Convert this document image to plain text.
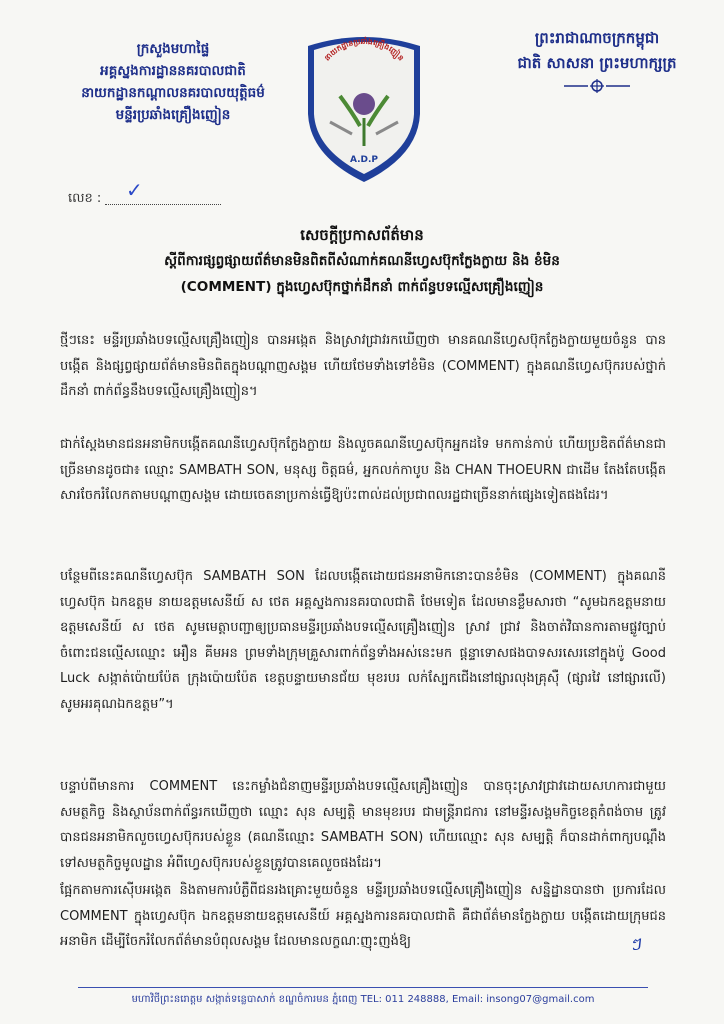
ក្រសួងមហាផ្ទៃ
អគ្គស្នងការដ្ឋាននគរបាលជាតិ
នាយកដ្ឋានកណ្តាលនគរបាលយុត្តិធម៌
មន្ទីរប្រឆាំងគ្រឿងញៀន
នាយកដ្ឋានប្រឆាំងគ្រឿងញៀន
A.D.P
ព្រះរាជាណាចក្រកម្ពុជា
ជាតិ សាសនា ព្រះមហាក្សត្រ
លេខ :	✓
សេចក្តីប្រកាសព័ត៌មាន
ស្តីពីការផ្សព្វផ្សាយព័ត៌មានមិនពិតពីសំណាក់គណនីហ្វេសប៊ុកក្លែងក្លាយ និង ខំមិន
(COMMENT) ក្នុងហ្វេសប៊ុកថ្នាក់ដឹកនាំ ពាក់ព័ន្ធបទល្មើសគ្រឿងញៀន

ថ្មីៗនេះ មន្ទីរប្រឆាំងបទល្មើសគ្រឿងញៀន បានអង្កេត និងស្រាវជ្រាវរកឃើញថា មានគណនីហ្វេសប៊ុកក្លែងក្លាយមួយចំនួន បានបង្កើត និងផ្សព្វផ្សាយព័ត៌មានមិនពិតក្នុងបណ្តាញសង្គម ហើយថែមទាំងទៅខំមិន (COMMENT) ក្នុងគណនីហ្វេសប៊ុករបស់ថ្នាក់ដឹកនាំ ពាក់ព័ន្ធនឹងបទល្មើសគ្រឿងញៀន។

ជាក់ស្តែងមានជនអនាមិកបង្កើតគណនីហ្វេសប៊ុកក្លែងក្លាយ និងលួចគណនីហ្វេសប៊ុកអ្នកដទៃ មកកាន់កាប់ ហើយប្រឌិតព័ត៌មានជាច្រើនមានដូចជា៖ ឈ្មោះ SAMBATH SON, មនុស្ស ចិត្តធម៌, អ្នកលក់កាបូប និង CHAN THOEURN ជាដើម តែងតែបង្កើតសារចែករំលែកតាមបណ្តាញសង្គម ដោយចេតនាប្រកាន់ធ្វើឱ្យប៉ះពាល់ដល់ប្រជាពលរដ្ឋជាច្រើននាក់ផ្សេងទៀតផងដែរ។

បន្ថែមពីនេះគណនីហ្វេសប៊ុក SAMBATH SON ដែលបង្កើតដោយជនអនាមិកនោះបានខំមិន (COMMENT) ក្នុងគណនីហ្វេសប៊ុក ឯកឧត្តម នាយឧត្តមសេនីយ៍ ស ថេត អគ្គស្នងការនគរបាលជាតិ ថែមទៀត ដែលមានខ្លឹមសារថា “សូមឯកឧត្តមនាយឧត្តមសេនីយ៍ ស ថេត សូមមេត្តាបញ្ជាឲ្យប្រធានមន្ទីរប្រឆាំងបទល្មើសគ្រឿងញៀន ស្រាវ ជ្រាវ និងចាត់វិធានការតាមផ្លូវច្បាប់ចំពោះជនល្មើសឈ្មោះ អឿន គីមអន ព្រមទាំងក្រុមគ្រួសារពាក់ព័ន្ធទាំងអស់នេះមក ផ្តន្ទាទោសផងបាទសរសេរនៅក្នុងប៉ូ Good Luck សង្កាត់ប៉ោយប៉ែត ក្រុងប៉ោយប៉ែត ខេត្តបន្ទាយមានជ័យ មុខរបរ លក់ស្បែកជើងនៅផ្សារលុងគ្រុស៊ឺ (ផ្សារវៃ នៅផ្សារលើ) សូមអរគុណឯកឧត្តម”។

បន្ទាប់ពីមានការ COMMENT នេះកម្លាំងជំនាញមន្ទីរប្រឆាំងបទល្មើសគ្រឿងញៀន បានចុះស្រាវជ្រាវដោយសហការជាមួយសមត្ថកិច្ច និងស្ថាប័នពាក់ព័ន្ធរកឃើញថា ឈ្មោះ សុន សម្បត្តិ មានមុខរបរ ជាមន្ត្រីរាជការ នៅមន្ទីរសង្គមកិច្ចខេត្តកំពង់ចាម ត្រូវបានជនអនាមិកលួចហ្វេសប៊ុករបស់ខ្លួន (គណនីឈ្មោះ SAMBATH SON) ហើយឈ្មោះ សុន សម្បត្តិ ក៏បានដាក់ពាក្យបណ្តឹងទៅសមត្ថកិច្ចមូលដ្ឋាន អំពីហ្វេសប៊ុករបស់ខ្លួនត្រូវបានគេលួចផងដែរ។

ផ្អែកតាមការស៊ើបអង្កេត និងតាមការបំភ្លឺពីជនរងគ្រោះមួយចំនួន មន្ទីរប្រឆាំងបទល្មើសគ្រឿងញៀន សន្និដ្ឋានបានថា ប្រការដែល COMMENT ក្នុងហ្វេសប៊ុក ឯកឧត្តមនាយឧត្តមសេនីយ៍ អគ្គស្នងការនគរបាលជាតិ គឺជាព័ត៌មានក្លែងក្លាយ បង្កើតដោយក្រុមជនអនាមិក ដើម្បីចែករំលែកព័ត៌មានបំពុលសង្គម ដែលមានលក្ខណៈញុះញង់ឱ្យ	ៗ
មហាវិថីព្រះនរោត្តម សង្កាត់ទន្លេបាសាក់ ខណ្ឌចំការមន ភ្នំពេញ TEL: 011 248888, Email: insong07@gmail.com
